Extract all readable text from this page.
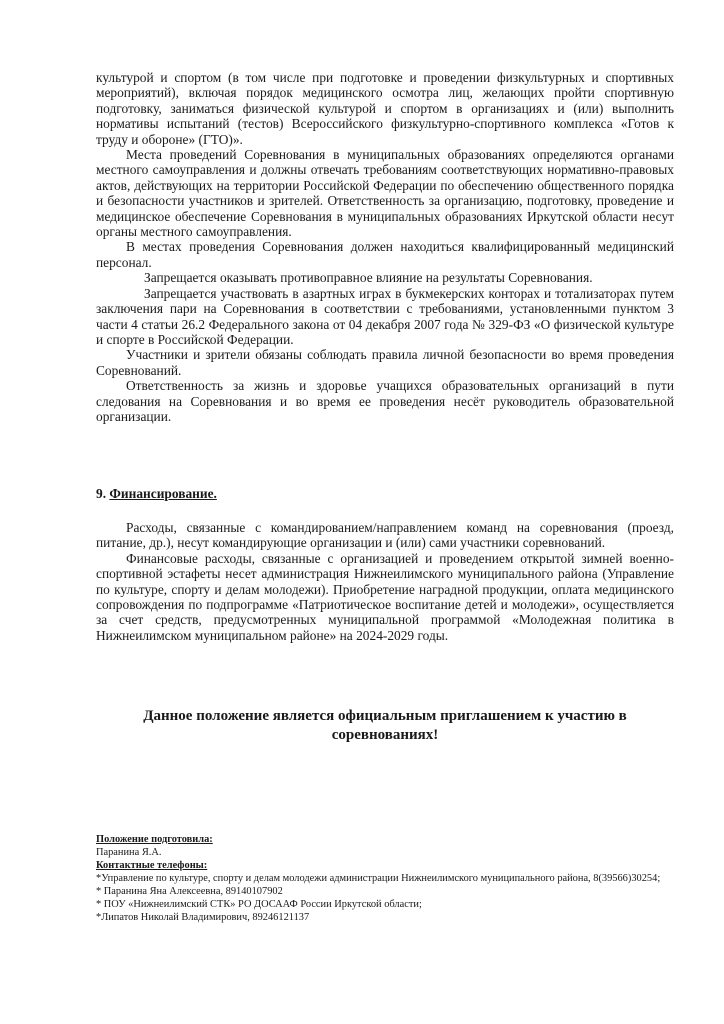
культурой и спортом (в том числе при подготовке и проведении физкультурных и спортивных мероприятий), включая порядок медицинского осмотра лиц, желающих пройти спортивную подготовку, заниматься физической культурой и спортом в организациях и (или) выполнить нормативы испытаний (тестов) Всероссийского физкультурно-спортивного комплекса «Готов к труду и обороне» (ГТО)».

Места проведений Соревнования в муниципальных образованиях определяются органами местного самоуправления и должны отвечать требованиям соответствующих нормативно-правовых актов, действующих на территории Российской Федерации по обеспечению общественного порядка и безопасности участников и зрителей. Ответственность за организацию, подготовку, проведение и медицинское обеспечение Соревнования в муниципальных образованиях Иркутской области несут органы местного самоуправления.

В местах проведения Соревнования должен находиться квалифицированный медицинский персонал.

Запрещается оказывать противоправное влияние на результаты Соревнования.

Запрещается участвовать в азартных играх в букмекерских конторах и тотализаторах путем заключения пари на Соревнования в соответствии с требованиями, установленными пунктом 3 части 4 статьи 26.2 Федерального закона от 04 декабря 2007 года № 329-ФЗ «О физической культуре и спорте в Российской Федерации.

Участники и зрители обязаны соблюдать правила личной безопасности во время проведения Соревнований.

Ответственность за жизнь и здоровье учащихся образовательных организаций в пути следования на Соревнования и во время ее проведения несёт руководитель образовательной организации.

9. Финансирование.

Расходы, связанные с командированием/направлением команд на соревнования (проезд, питание, др.), несут командирующие организации и (или) сами участники соревнований.

Финансовые расходы, связанные с организацией и проведением открытой зимней военно-спортивной эстафеты несет администрация Нижнеилимского муниципального района (Управление по культуре, спорту и делам молодежи). Приобретение наградной продукции, оплата медицинского сопровождения по подпрограмме «Патриотическое воспитание детей и молодежи», осуществляется за счет средств, предусмотренных муниципальной программой «Молодежная политика в Нижнеилимском муниципальном районе» на 2024-2029 годы.

Данное положение является официальным приглашением к участию в соревнованиях!
Положение подготовила:
Паранина Я.А.
Контактные телефоны:
*Управление по культуре, спорту и делам молодежи администрации Нижнеилимского муниципального района, 8(39566)30254;
* Паранина Яна Алексеевна, 89140107902
* ПОУ «Нижнеилимский СТК» РО ДОСААФ России Иркутской области;
*Липатов Николай Владимирович, 89246121137
